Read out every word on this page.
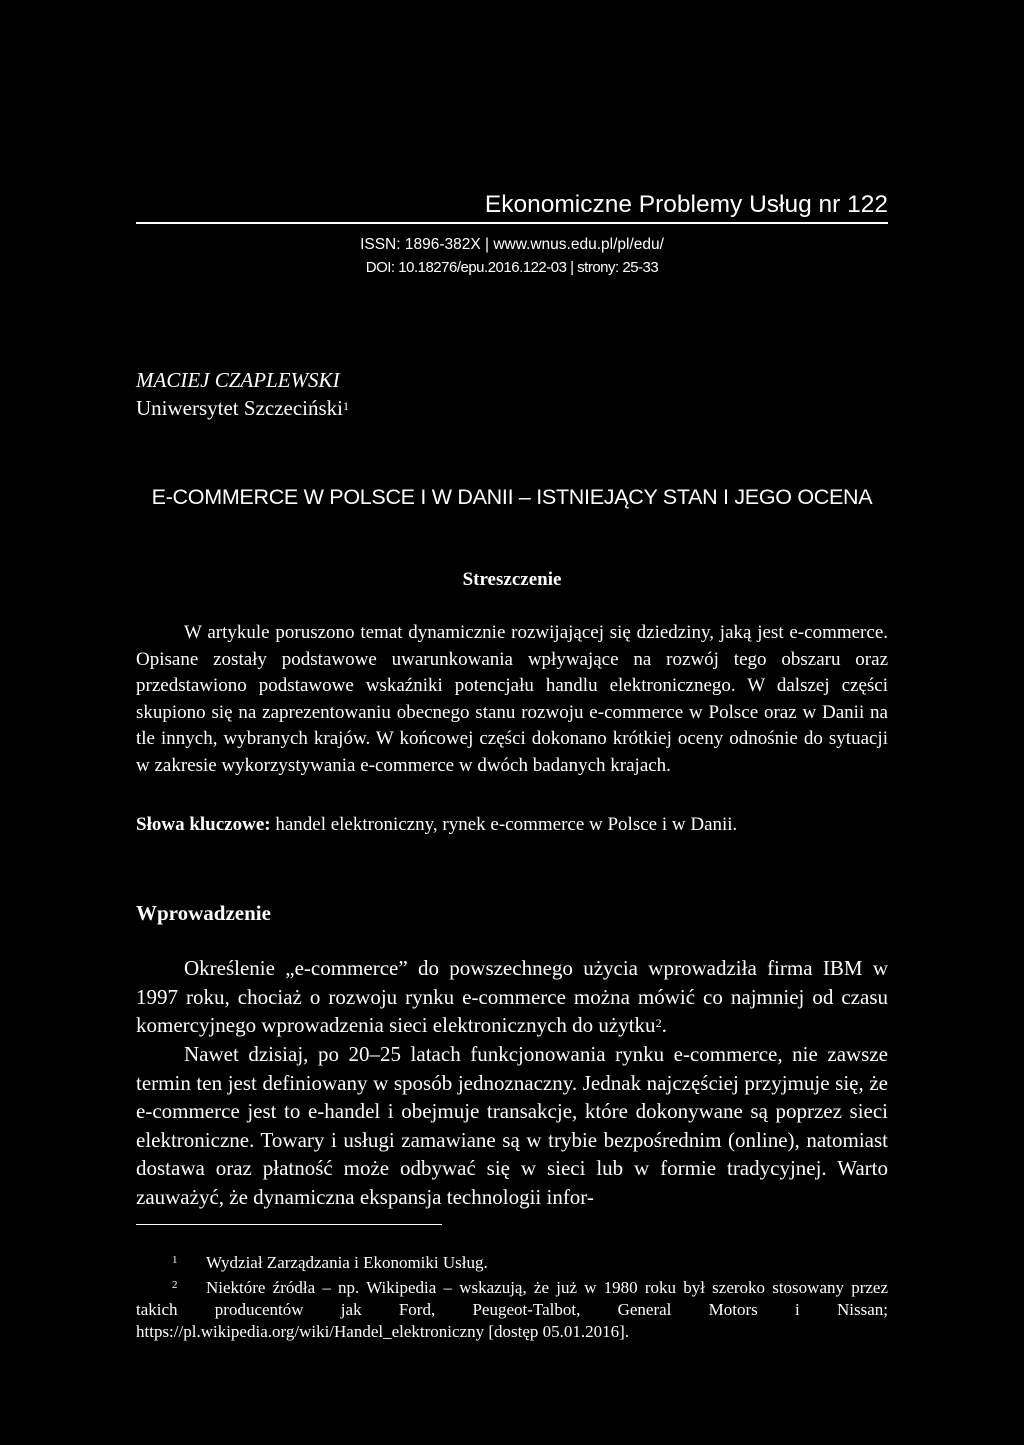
Ekonomiczne Problemy Usług nr 122
ISSN: 1896-382X | www.wnus.edu.pl/pl/edu/
DOI: 10.18276/epu.2016.122-03 | strony: 25-33
MACIEJ CZAPLEWSKI
Uniwersytet Szczeciński$^1$
E-COMMERCE W POLSCE I W DANII – ISTNIEJĄCY STAN I JEGO OCENA
Streszczenie
W artykule poruszono temat dynamicznie rozwijającej się dziedziny, jaką jest e-commerce. Opisane zostały podstawowe uwarunkowania wpływające na rozwój tego obszaru oraz przedstawiono podstawowe wskaźniki potencjału handlu elektronicznego. W dalszej części skupiono się na zaprezentowaniu obecnego stanu rozwoju e-commerce w Polsce oraz w Danii na tle innych, wybranych krajów. W końcowej części dokonano krótkiej oceny odnośnie do sytuacji w zakresie wykorzystywania e-commerce w dwóch badanych krajach.
Słowa kluczowe: handel elektroniczny, rynek e-commerce w Polsce i w Danii.
Wprowadzenie
Określenie „e-commerce” do powszechnego użycia wprowadziła firma IBM w 1997 roku, chociaż o rozwoju rynku e-commerce można mówić co najmniej od czasu komercyjnego wprowadzenia sieci elektronicznych do użytku$^2$.
Nawet dzisiaj, po 20–25 latach funkcjonowania rynku e-commerce, nie zawsze termin ten jest definiowany w sposób jednoznaczny. Jednak najczęściej przyjmuje się, że e-commerce jest to e-handel i obejmuje transakcje, które dokonywane są poprzez sieci elektroniczne. Towary i usługi zamawiane są w trybie bezpośrednim (online), natomiast dostawa oraz płatność może odbywać się w sieci lub w formie tradycyjnej. Warto zauważyć, że dynamiczna ekspansja technologii infor-
1	Wydział Zarządzania i Ekonomiki Usług.
2	Niektóre źródła – np. Wikipedia – wskazują, że już w 1980 roku był szeroko stosowany przez takich producentów jak Ford, Peugeot-Talbot, General Motors i Nissan; https://pl.wikipedia.org/wiki/Handel_elektroniczny [dostęp 05.01.2016].
